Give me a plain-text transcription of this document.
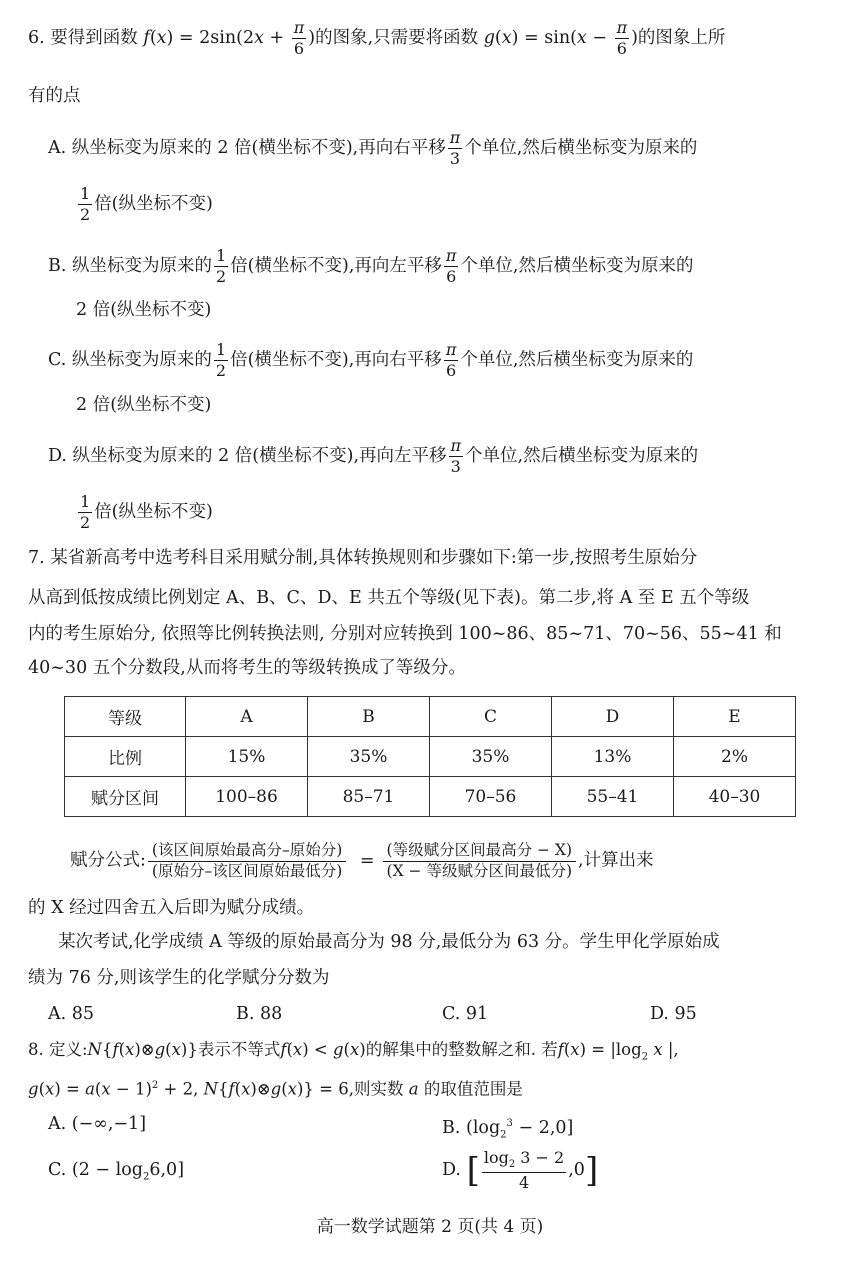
6. 要得到函数 $f(x) = 2\sin(2x + \frac{\pi}{6}$ )的图象,只需要将函数 $g(x) = \sin(x - \frac{\pi}{6}$ )的图象上所
有的点
A. 纵坐标变为原来的 2 倍(横坐标不变),再向右平移 $\frac{\pi}{3}$ 个单位,然后横坐标变为原来的
$\frac{1}{2}$ 倍(纵坐标不变)
B. 纵坐标变为原来的 $\frac{1}{2}$ 倍(横坐标不变),再向左平移 $\frac{\pi}{6}$ 个单位,然后横坐标变为原来的
2 倍(纵坐标不变)
C. 纵坐标变为原来的 $\frac{1}{2}$ 倍(横坐标不变),再向右平移 $\frac{\pi}{6}$ 个单位,然后横坐标变为原来的
2 倍(纵坐标不变)
D. 纵坐标变为原来的 2 倍(横坐标不变),再向左平移 $\frac{\pi}{3}$ 个单位,然后横坐标变为原来的
$\frac{1}{2}$ 倍(纵坐标不变)
7. 某省新高考中选考科目采用赋分制,具体转换规则和步骤如下:第一步,按照考生原始分
从高到低按成绩比例划定 A、B、C、D、E 共五个等级(见下表)。第二步,将 A 至 E 五个等级
内的考生原始分, 依照等比例转换法则, 分别对应转换到 100~86、85~71、70~56、55~41 和
40~30 五个分数段,从而将考生的等级转换成了等级分。
等级	A	B	C	D	E
比例	15%	35%	35%	13%	2%
赋分区间	100–86	85–71	70–56	55–41	40–30
赋分公式: $\frac{\text{(该区间原始最高分–原始分)}}{\text{(原始分–该区间原始最低分)}} = \frac{\text{(等级赋分区间最高分 − X)}}{\text{(X − 等级赋分区间最低分)}}$ ,计算出来
的 X 经过四舍五入后即为赋分成绩。
某次考试,化学成绩 A 等级的原始最高分为 98 分,最低分为 63 分。学生甲化学原始成
绩为 76 分,则该学生的化学赋分分数为
A. 85	B. 88	C. 91	D. 95
8. 定义:N{f(x)⊗g(x)}表示不等式f(x) < g(x)的解集中的整数解之和. 若$f(x) = |\log_2$ x |,
$g(x) = a(x - 1)^2 + 2$, N{f(x)⊗g(x)} = 6,则实数 a 的取值范围是
A. (−∞,−1]	B. $(\log_2^3 - 2,0]$
C. $(2 - \log_26,0]$	D. [ $\frac{\log_2 3 - 2}{4} ,0$]
高一数学试题第 2 页(共 4 页)
